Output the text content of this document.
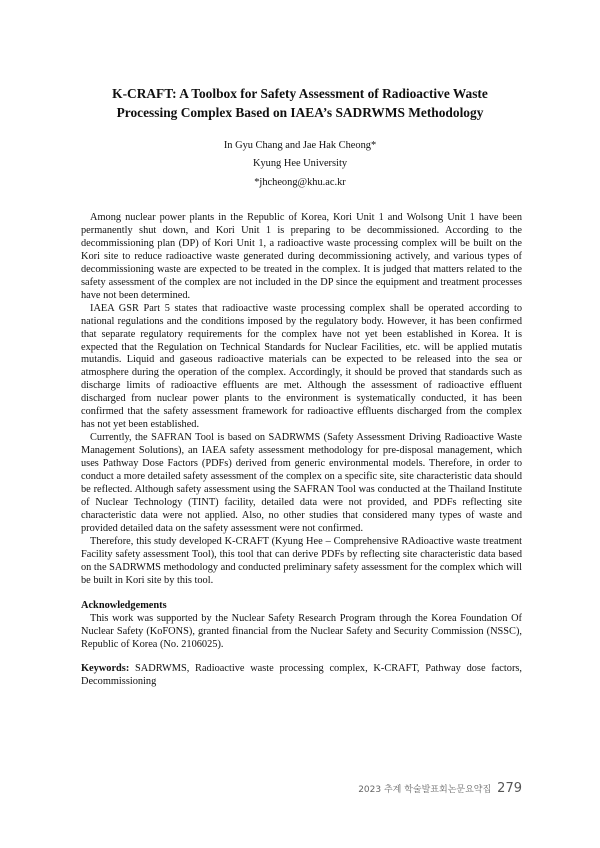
K-CRAFT: A Toolbox for Safety Assessment of Radioactive Waste
Processing Complex Based on IAEA’s SADRWMS Methodology
In Gyu Chang and Jae Hak Cheong*
Kyung Hee University
*jhcheong@khu.ac.kr

Among nuclear power plants in the Republic of Korea, Kori Unit 1 and Wolsong Unit 1 have been permanently shut down, and Kori Unit 1 is preparing to be decommissioned. According to the decommissioning plan (DP) of Kori Unit 1, a radioactive waste processing complex will be built on the Kori site to reduce radioactive waste generated during decommissioning actively, and various types of decommissioning waste are expected to be treated in the complex. It is judged that matters related to the safety assessment of the complex are not included in the DP since the equipment and treatment processes have not been determined.

IAEA GSR Part 5 states that radioactive waste processing complex shall be operated according to national regulations and the conditions imposed by the regulatory body. However, it has been confirmed that separate regulatory requirements for the complex have not yet been established in Korea. It is expected that the Regulation on Technical Standards for Nuclear Facilities, etc. will be applied mutatis mutandis. Liquid and gaseous radioactive materials can be expected to be released into the sea or atmosphere during the operation of the complex. Accordingly, it should be proved that standards such as discharge limits of radioactive effluents are met. Although the assessment of radioactive effluent discharged from nuclear power plants to the environment is systematically conducted, it has been confirmed that the safety assessment framework for radioactive effluents discharged from the complex has not yet been established.

Currently, the SAFRAN Tool is based on SADRWMS (Safety Assessment Driving Radioactive Waste Management Solutions), an IAEA safety assessment methodology for pre-disposal management, which uses Pathway Dose Factors (PDFs) derived from generic environmental models. Therefore, in order to conduct a more detailed safety assessment of the complex on a specific site, site characteristic data should be reflected. Although safety assessment using the SAFRAN Tool was conducted at the Thailand Institute of Nuclear Technology (TINT) facility, detailed data were not provided, and PDFs reflecting site characteristic data were not applied. Also, no other studies that considered many types of waste and provided detailed data on the safety assessment were not confirmed.

Therefore, this study developed K-CRAFT (Kyung Hee – Comprehensive RAdioactive waste treatment Facility safety assessment Tool), this tool that can derive PDFs by reflecting site characteristic data based on the SADRWMS methodology and conducted preliminary safety assessment for the complex which will be built in Kori site by this tool.

Acknowledgements

This work was supported by the Nuclear Safety Research Program through the Korea Foundation Of Nuclear Safety (KoFONS), granted financial from the Nuclear Safety and Security Commission (NSSC), Republic of Korea (No. 2106025).

Keywords: SADRWMS, Radioactive waste processing complex, K-CRAFT, Pathway dose factors, Decommissioning
2023 추계 학술발표회논문요약집 279
